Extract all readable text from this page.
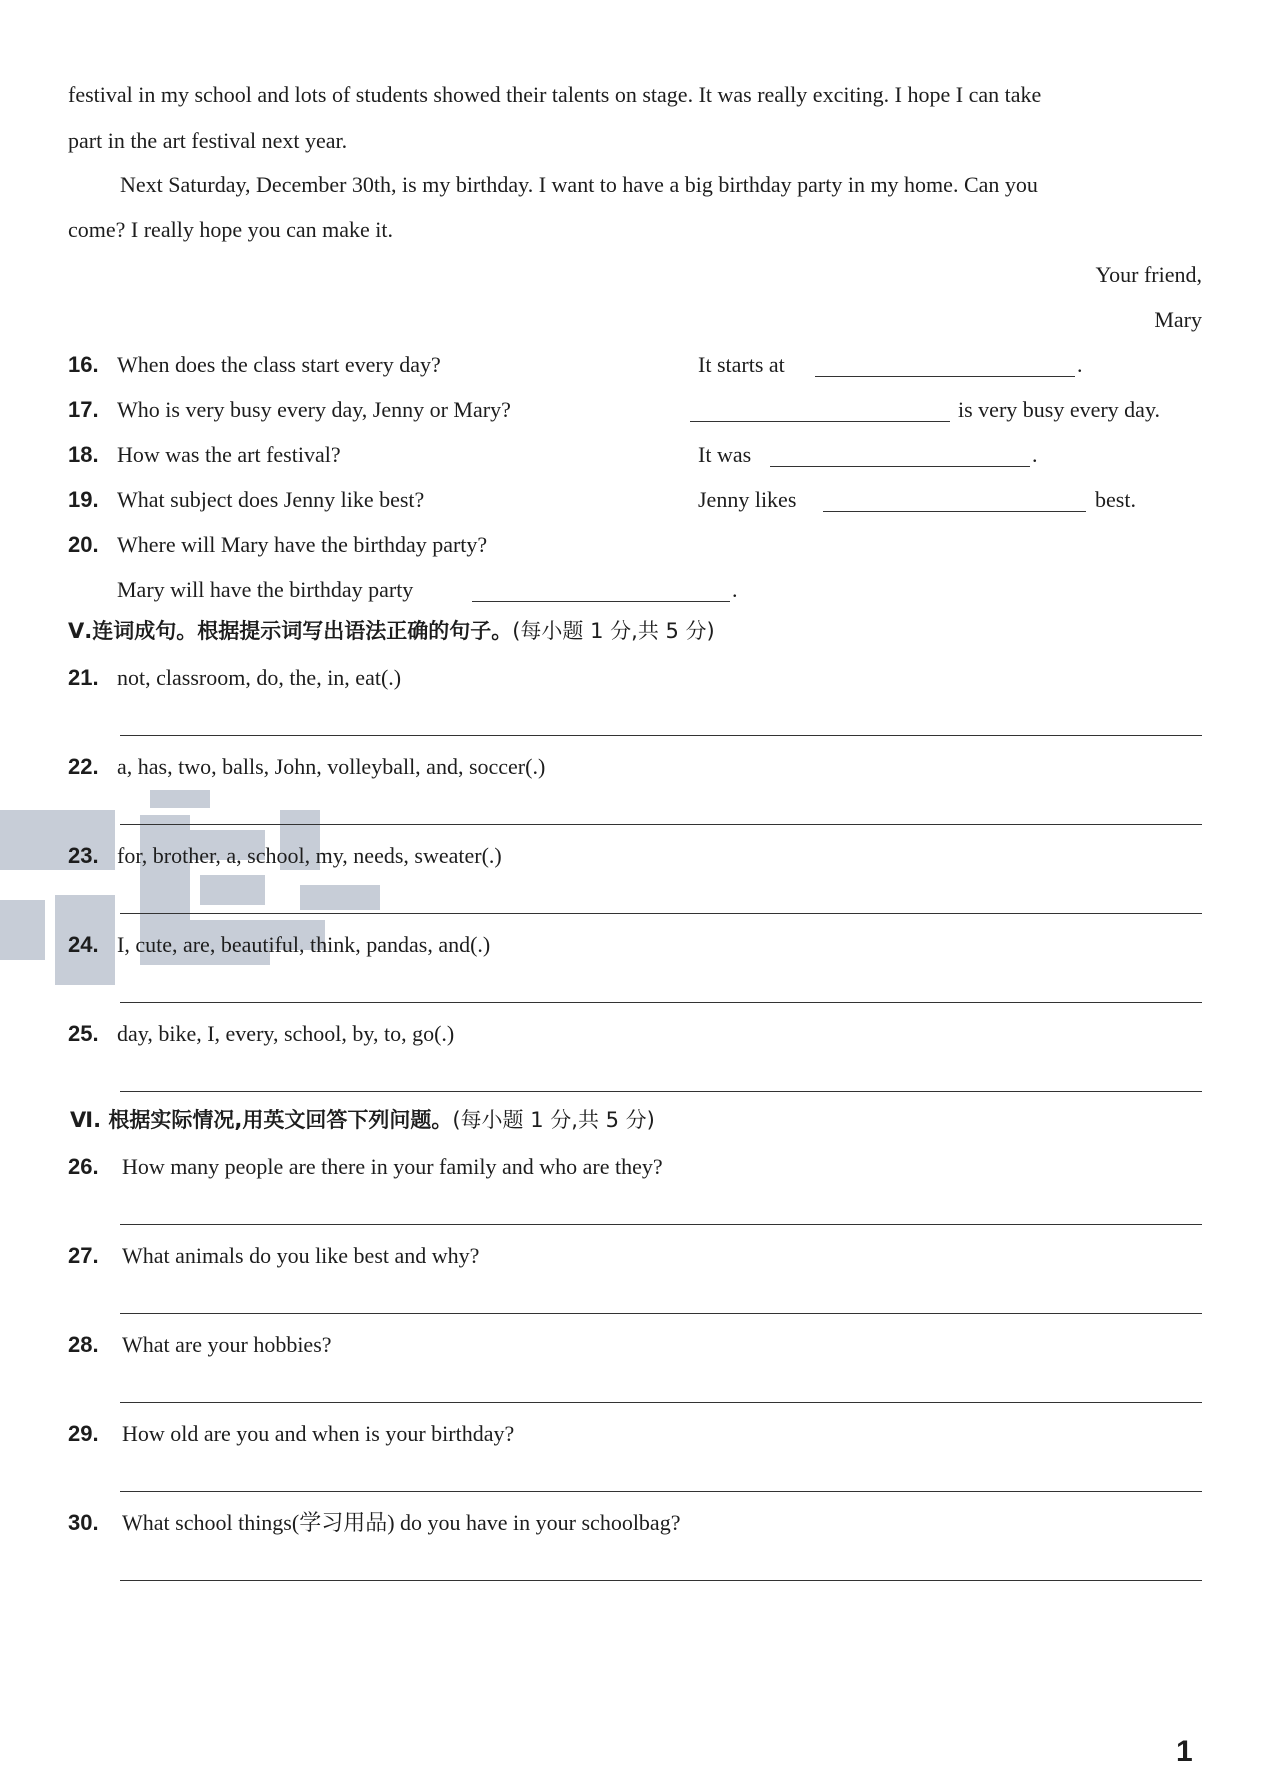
festival in my school and lots of students showed their talents on stage. It was really exciting. I hope I can take
part in the art festival next year.
Next Saturday, December 30th, is my birthday. I want to have a big birthday party in my home. Can you
come? I really hope you can make it.
Your friend,
Mary
16. When does the class start every day?	It starts at	.
17. Who is very busy every day, Jenny or Mary?	is very busy every day.
18. How was the art festival?	It was	.
19. What subject does Jenny like best?	Jenny likes	best.
20. Where will Mary have the birthday party?
Mary will have the birthday party	.
Ⅴ.连词成句。根据提示词写出语法正确的句子。(每小题 1 分,共 5 分)
21. not, classroom, do, the, in, eat(.)
22. a, has, two, balls, John, volleyball, and, soccer(.)
23. for, brother, a, school, my, needs, sweater(.)
24. I, cute, are, beautiful, think, pandas, and(.)
25. day, bike, I, every, school, by, to, go(.)
Ⅵ. 根据实际情况,用英文回答下列问题。(每小题 1 分,共 5 分)
26. How many people are there in your family and who are they?
27. What animals do you like best and why?
28. What are your hobbies?
29. How old are you and when is your birthday?
30. What school things(学习用品) do you have in your schoolbag?
1
